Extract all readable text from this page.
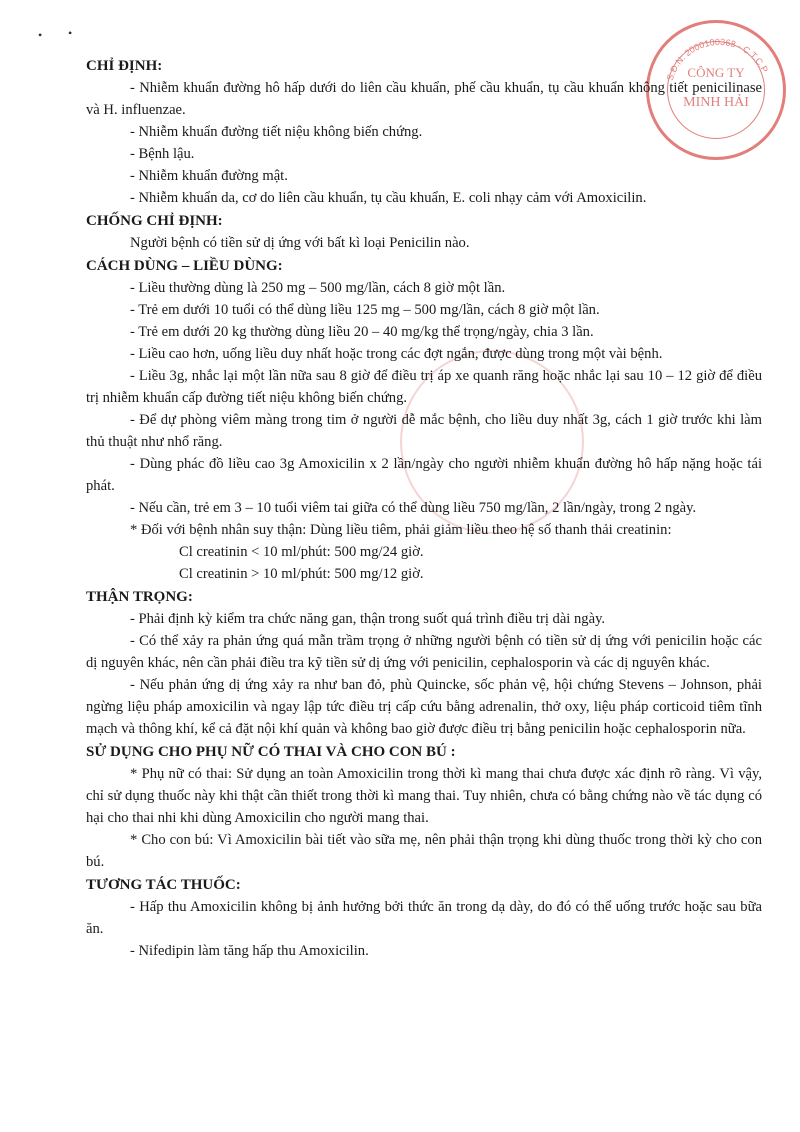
S.Đ.N: 2000100368 - C.T.C.P
CÔNG TY
MINH HẢI
• •
CHỈ ĐỊNH:

- Nhiễm khuẩn đường hô hấp dưới do liên cầu khuẩn, phế cầu khuẩn, tụ cầu khuẩn không tiết penicilinase và H. influenzae.

- Nhiễm khuẩn đường tiết niệu không biến chứng.

- Bệnh lậu.

- Nhiễm khuẩn đường mật.

- Nhiễm khuẩn da, cơ do liên cầu khuẩn, tụ cầu khuẩn, E. coli nhạy cảm với Amoxicilin.

CHỐNG CHỈ ĐỊNH:

Người bệnh có tiền sử dị ứng với bất kì loại Penicilin nào.

CÁCH DÙNG – LIỀU DÙNG:

- Liều thường dùng là 250 mg – 500 mg/lần, cách 8 giờ một lần.

- Trẻ em dưới 10 tuổi có thể dùng liều 125 mg – 500 mg/lần, cách 8 giờ một lần.

- Trẻ em dưới 20 kg thường dùng liều 20 – 40 mg/kg thể trọng/ngày, chia 3 lần.

- Liều cao hơn, uống liều duy nhất hoặc trong các đợt ngắn, được dùng trong một vài bệnh.

- Liều 3g, nhắc lại một lần nữa sau 8 giờ để điều trị áp xe quanh răng hoặc nhắc lại sau 10 – 12 giờ để điều trị nhiễm khuẩn cấp đường tiết niệu không biến chứng.

- Để dự phòng viêm màng trong tim ở người dễ mắc bệnh, cho liều duy nhất 3g, cách 1 giờ trước khi làm thủ thuật như nhổ răng.

- Dùng phác đồ liều cao 3g Amoxicilin x 2 lần/ngày cho người nhiễm khuẩn đường hô hấp nặng hoặc tái phát.

- Nếu cần, trẻ em 3 – 10 tuổi viêm tai giữa có thể dùng liều 750 mg/lần, 2 lần/ngày, trong 2 ngày.

* Đối với bệnh nhân suy thận: Dùng liều tiêm, phải giảm liều theo hệ số thanh thải creatinin:

Cl creatinin < 10 ml/phút: 500 mg/24 giờ.

Cl creatinin > 10 ml/phút: 500 mg/12 giờ.

THẬN TRỌNG:

- Phải định kỳ kiểm tra chức năng gan, thận trong suốt quá trình điều trị dài ngày.

- Có thể xảy ra phản ứng quá mẫn trầm trọng ở những người bệnh có tiền sử dị ứng với penicilin hoặc các dị nguyên khác, nên cần phải điều tra kỹ tiền sử dị ứng với penicilin, cephalosporin và các dị nguyên khác.

- Nếu phản ứng dị ứng xảy ra như ban đỏ, phù Quincke, sốc phản vệ, hội chứng Stevens – Johnson, phải ngừng liệu pháp amoxicilin và ngay lập tức điều trị cấp cứu bằng adrenalin, thở oxy, liệu pháp corticoid tiêm tĩnh mạch và thông khí, kể cả đặt nội khí quản và không bao giờ được điều trị bằng penicilin hoặc cephalosporin nữa.

SỬ DỤNG CHO PHỤ NỮ CÓ THAI VÀ CHO CON BÚ :

* Phụ nữ có thai: Sử dụng an toàn Amoxicilin trong thời kì mang thai chưa được xác định rõ ràng. Vì vậy, chỉ sử dụng thuốc này khi thật cần thiết trong thời kì mang thai. Tuy nhiên, chưa có bằng chứng nào về tác dụng có hại cho thai nhi khi dùng Amoxicilin cho người mang thai.

* Cho con bú: Vì Amoxicilin bài tiết vào sữa mẹ, nên phải thận trọng khi dùng thuốc trong thời kỳ cho con bú.

TƯƠNG TÁC THUỐC:

- Hấp thu Amoxicilin không bị ảnh hưởng bởi thức ăn trong dạ dày, do đó có thể uống trước hoặc sau bữa ăn.

- Nifedipin làm tăng hấp thu Amoxicilin.
